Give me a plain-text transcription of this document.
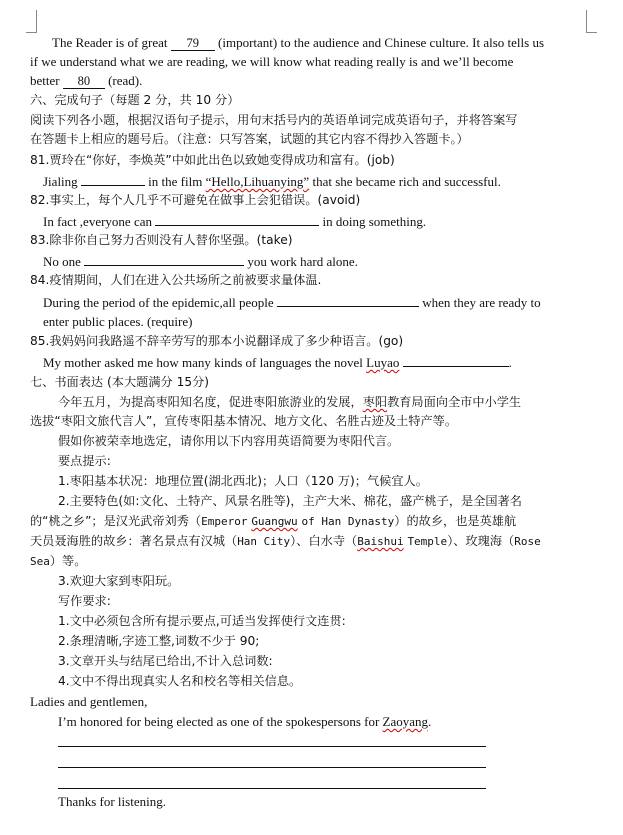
The Reader is of great 79 (important) to the audience and Chinese culture. It also tells us
if we understand what we are reading, we will know what reading really is and we’ll become
better 80 (read).
六、完成句子（每题 2 分，共 10 分）
阅读下列各小题，根据汉语句子提示，用句末括号内的英语单词完成英语句子，并将答案写
在答题卡上相应的题号后。（注意：只写答案，试题的其它内容不得抄入答题卡。）
81.贾玲在“你好，李焕英”中如此出色以致她变得成功和富有。(job)
Jialing	in the film “Hello,Lihuanying” that she became rich and successful.
82.事实上，每个人几乎不可避免在做事上会犯错误。(avoid)
In fact ,everyone can	in doing something.
83.除非你自己努力否则没有人替你坚强。(take)
No one	you work hard alone.
84.疫情期间，人们在进入公共场所之前被要求量体温.
During the period of the epidemic,all people	when they are ready to
enter public places. (require)
85.我妈妈问我路遥不辞辛劳写的那本小说翻译成了多少种语言。(go)
My mother asked me how many kinds of languages the novel Luyao	.
七、书面表达 (本大题满分 15分)
今年五月，为提高枣阳知名度，促进枣阳旅游业的发展，枣阳教育局面向全市中小学生
选拔“枣阳文旅代言人”，宣传枣阳基本情况、地方文化、名胜古迹及土特产等。
假如你被荣幸地选定，请你用以下内容用英语简要为枣阳代言。
要点提示:
1.枣阳基本状况：地理位置(湖北西北)；人口（120 万)；气候宜人。
2.主要特色(如:文化、土特产、风景名胜等)，主产大米、棉花，盛产桃子，是全国著名
的“桃之乡”；是汉光武帝刘秀（Emperor Guangwu of Han Dynasty）的故乡，也是英雄航
天员聂海胜的故乡：著名景点有汉城（Han City）、白水寺（Baishui Temple）、玫瑰海（Rose
Sea）等。
3.欢迎大家到枣阳玩。
写作要求:
1.文中必须包含所有提示要点,可适当发挥使行文连贯:
2.条理清晰,字迹工整,词数不少于 90;
3.文章开头与结尾已给出,不计入总词数:
4.文中不得出现真实人名和校名等相关信息。
Ladies and gentlemen,
I’m honored for being elected as one of the spokespersons for Zaoyang.
Thanks for listening.
